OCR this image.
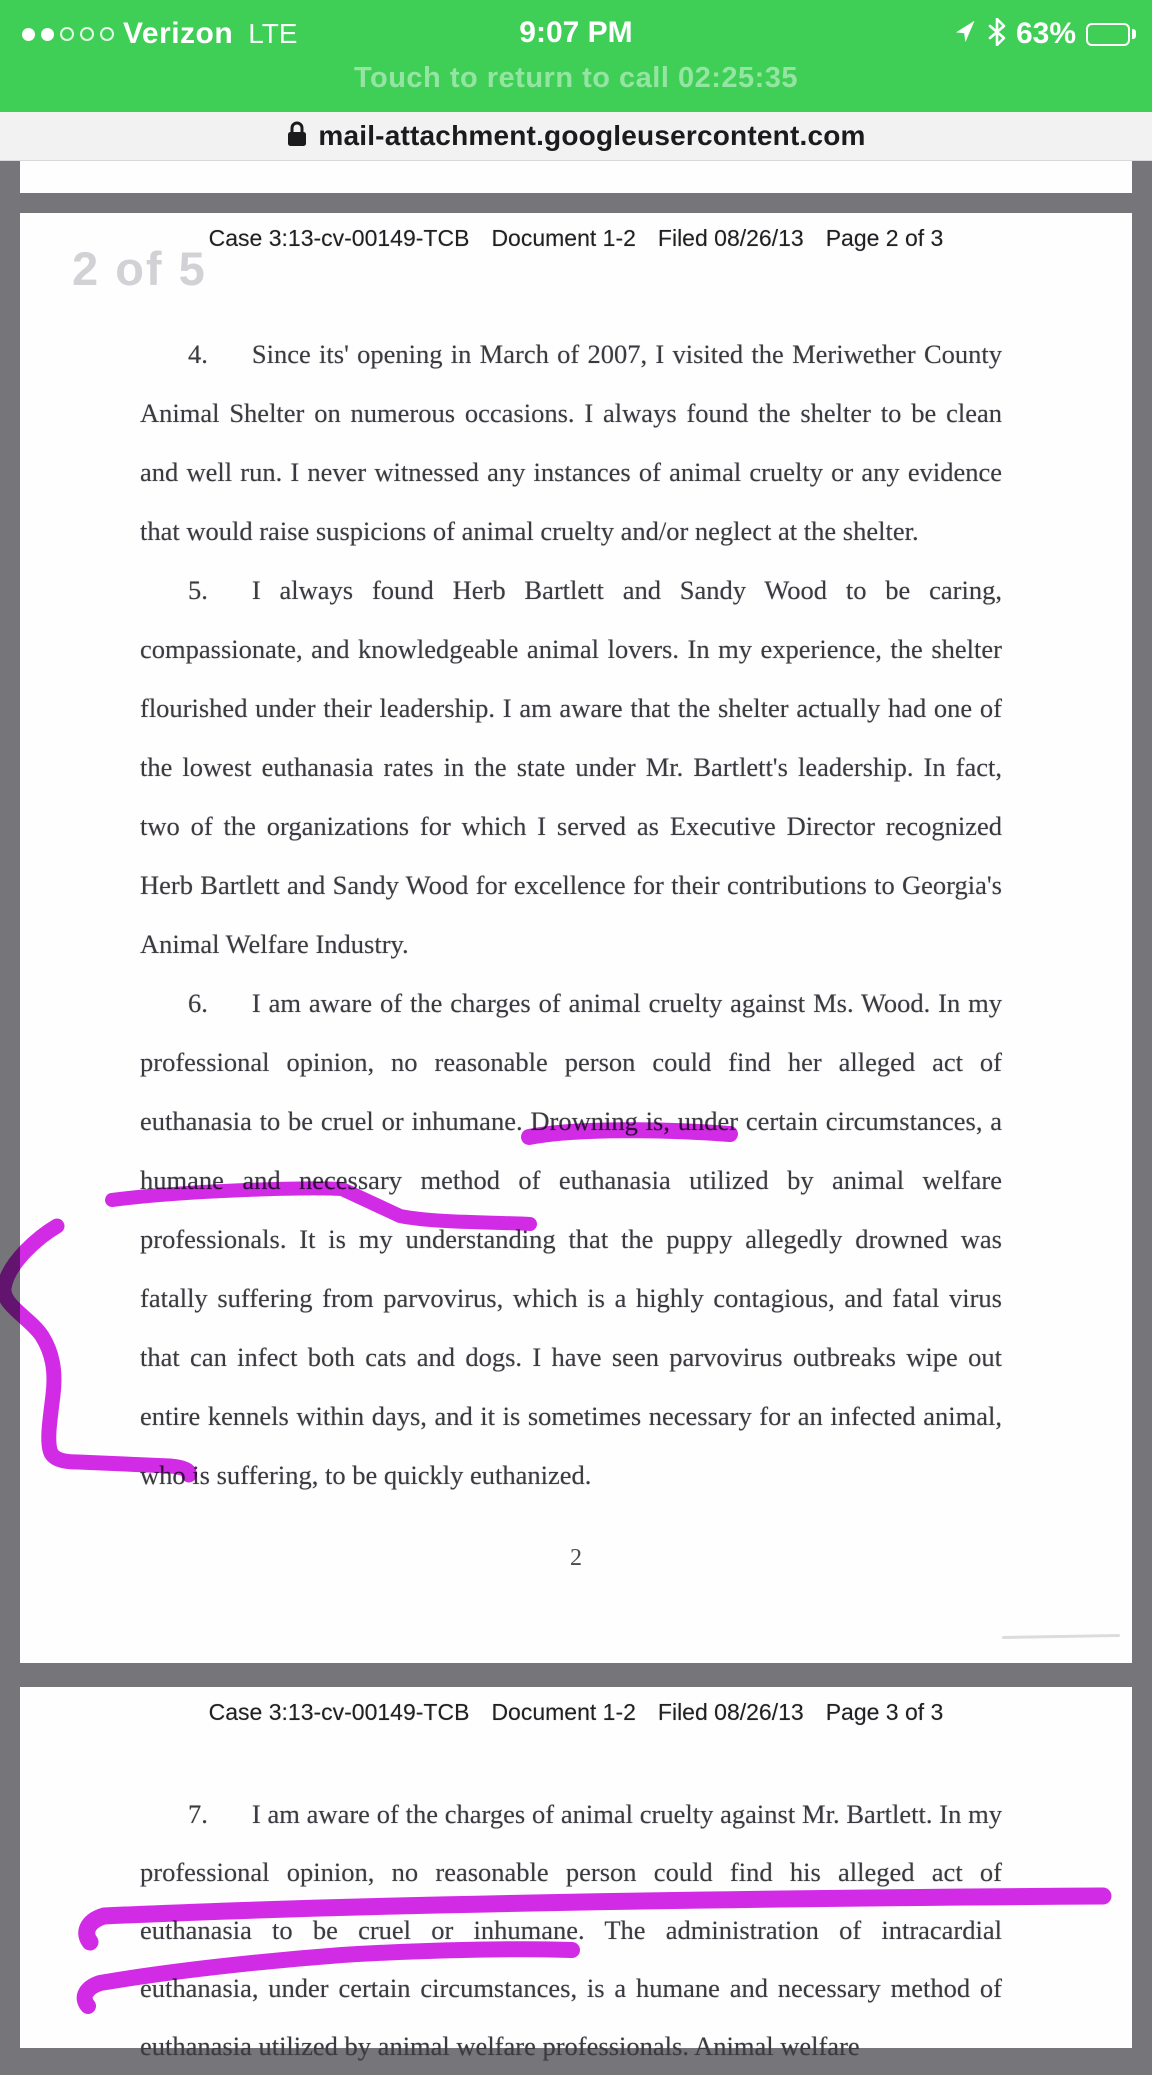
Verizon LTE	9:07 PM	63%
Touch to return to call 02:25:35
mail-attachment.googleusercontent.com
2 of 5
Case 3:13-cv-00149-TCB Document 1-2 Filed 08/26/13 Page 2 of 3
4. Since its' opening in March of 2007, I visited the Meriwether County
Animal Shelter on numerous occasions. I always found the shelter to be clean
and well run. I never witnessed any instances of animal cruelty or any evidence
that would raise suspicions of animal cruelty and/or neglect at the shelter.
5. I always found Herb Bartlett and Sandy Wood to be caring,
compassionate, and knowledgeable animal lovers. In my experience, the shelter
flourished under their leadership. I am aware that the shelter actually had one of
the lowest euthanasia rates in the state under Mr. Bartlett's leadership. In fact,
two of the organizations for which I served as Executive Director recognized
Herb Bartlett and Sandy Wood for excellence for their contributions to Georgia's
Animal Welfare Industry.
6. I am aware of the charges of animal cruelty against Ms. Wood. In my
professional opinion, no reasonable person could find her alleged act of
euthanasia to be cruel or inhumane. Drowning is, under certain circumstances, a
humane and necessary method of euthanasia utilized by animal welfare
professionals. It is my understanding that the puppy allegedly drowned was
fatally suffering from parvovirus, which is a highly contagious, and fatal virus
that can infect both cats and dogs. I have seen parvovirus outbreaks wipe out
entire kennels within days, and it is sometimes necessary for an infected animal,
who is suffering, to be quickly euthanized.
2
Case 3:13-cv-00149-TCB Document 1-2 Filed 08/26/13 Page 3 of 3
7. I am aware of the charges of animal cruelty against Mr. Bartlett. In my
professional opinion, no reasonable person could find his alleged act of
euthanasia to be cruel or inhumane. The administration of intracardial
euthanasia, under certain circumstances, is a humane and necessary method of
euthanasia utilized by animal welfare professionals. Animal welfare
